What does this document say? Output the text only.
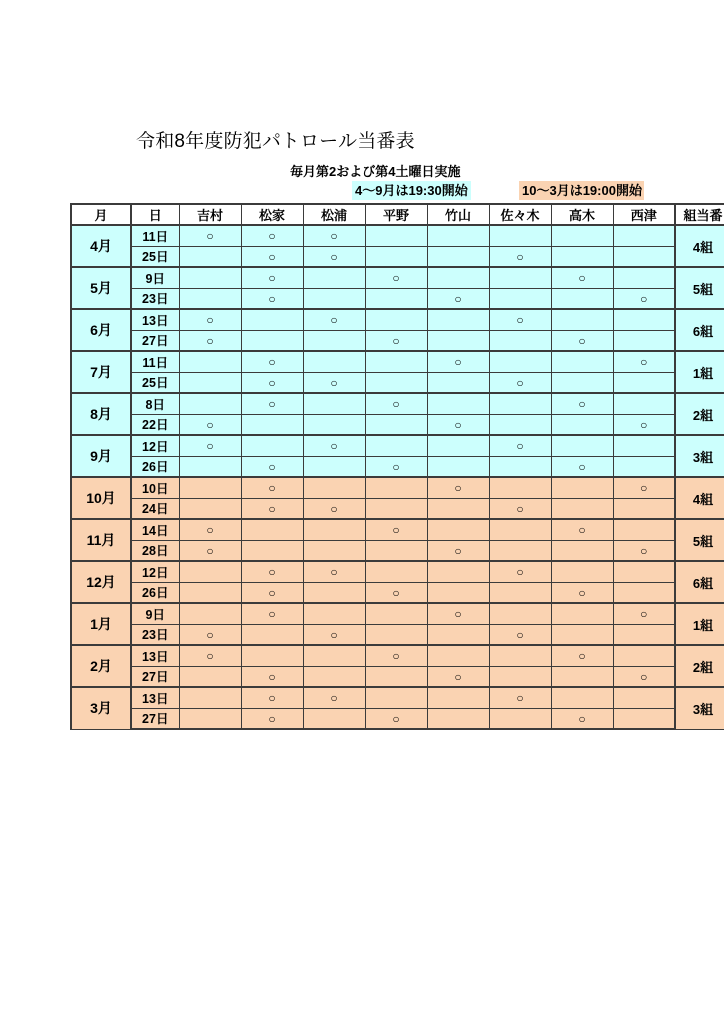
令和8年度防犯パトロール当番表
毎月第2および第4土曜日実施
4～9月は19:30開始	10～3月は19:00開始
月	日	吉村	松家	松浦	平野	竹山	佐々木	高木	西津	組当番
4月	11日	○	○	○						4組
	25日		○	○			○			
5月	9日		○		○			○		5組
	23日		○			○			○	
6月	13日	○		○			○			6組
	27日	○			○			○		
7月	11日		○			○			○	1組
	25日		○	○			○			
8月	8日		○		○			○		2組
	22日	○				○			○	
9月	12日	○		○			○			3組
	26日		○		○			○		
10月	10日		○			○			○	4組
	24日		○	○			○			
11月	14日	○			○			○		5組
	28日	○				○			○	
12月	12日		○	○			○			6組
	26日		○		○			○		
1月	9日		○			○			○	1組
	23日	○		○			○			
2月	13日	○			○			○		2組
	27日		○			○			○	
3月	13日		○	○			○			3組
	27日		○		○			○		
